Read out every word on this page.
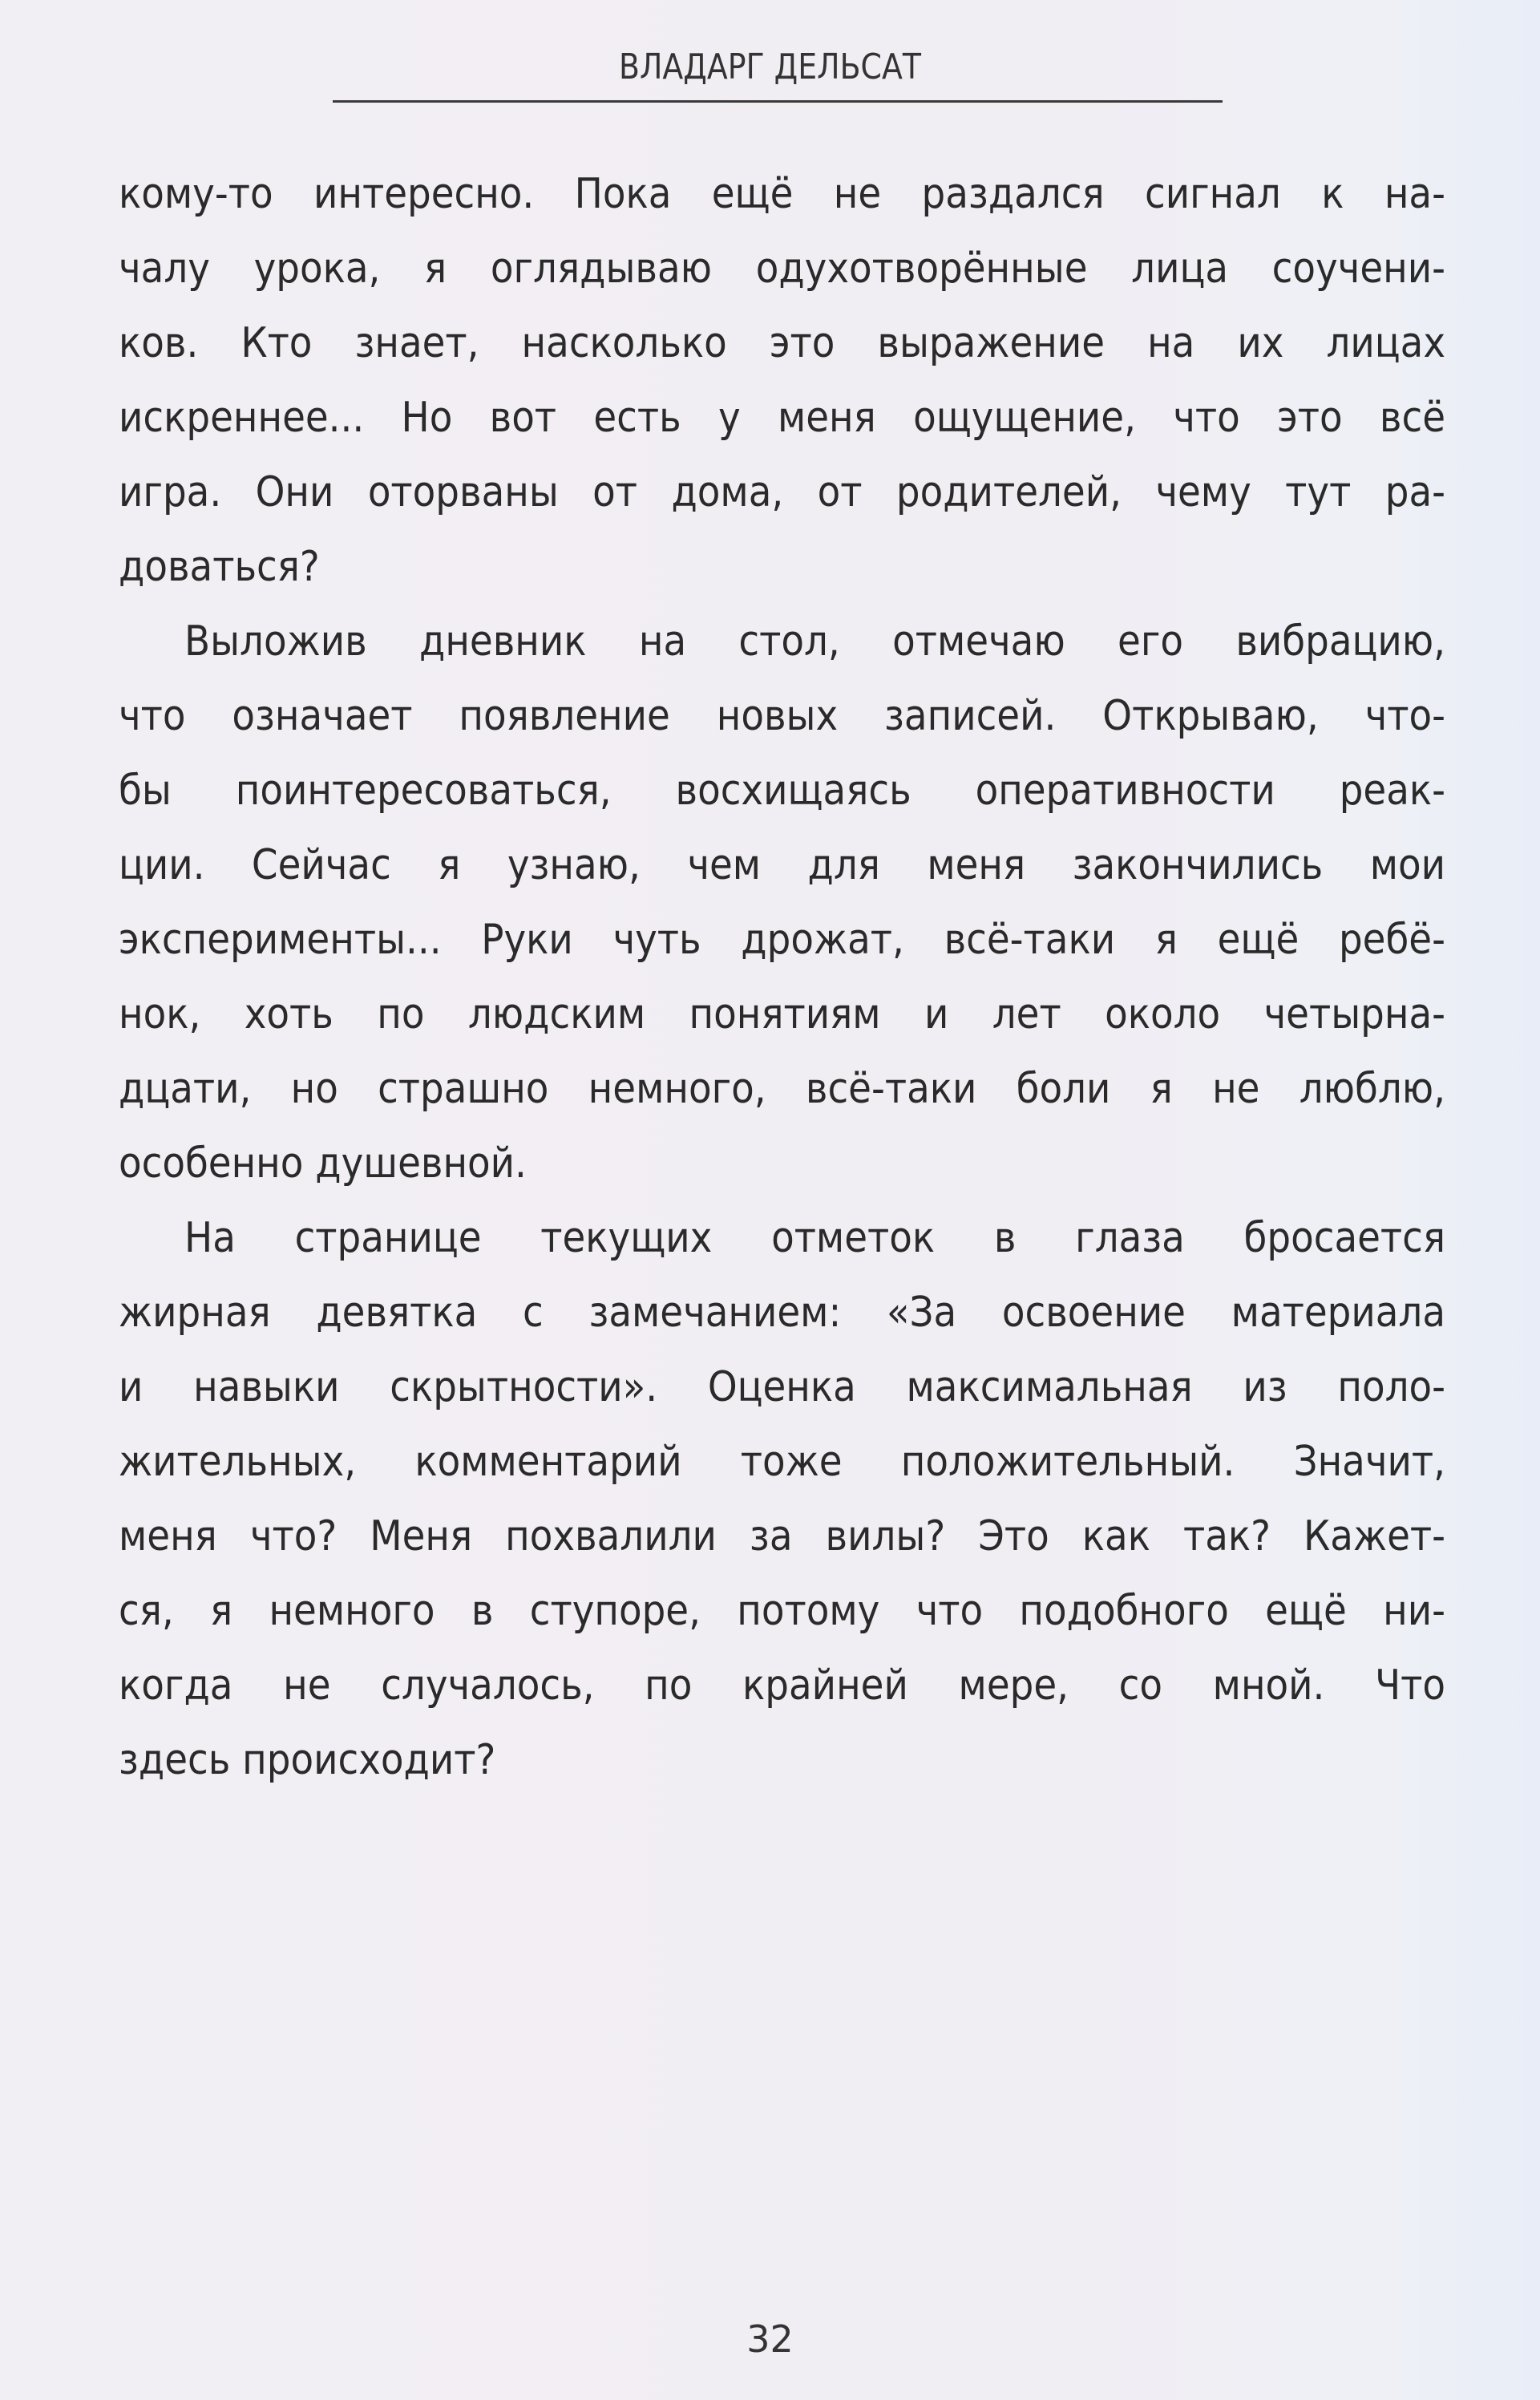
ВЛАДАРГ ДЕЛЬСАТ
кому-то интересно. Пока ещё не раздался сигнал к на-
чалу урока, я оглядываю одухотворённые лица соучени-
ков. Кто знает, насколько это выражение на их лицах
искреннее... Но вот есть у меня ощущение, что это всё
игра. Они оторваны от дома, от родителей, чему тут ра-
доваться?
Выложив дневник на стол, отмечаю его вибрацию,
что означает появление новых записей. Открываю, что-
бы поинтересоваться, восхищаясь оперативности реак-
ции. Сейчас я узнаю, чем для меня закончились мои
эксперименты... Руки чуть дрожат, всё-таки я ещё ребё-
нок, хоть по людским понятиям и лет около четырна-
дцати, но страшно немного, всё-таки боли я не люблю,
особенно душевной.
На странице текущих отметок в глаза бросается
жирная девятка с замечанием: «За освоение материала
и навыки скрытности». Оценка максимальная из поло-
жительных, комментарий тоже положительный. Значит,
меня что? Меня похвалили за вилы? Это как так? Кажет-
ся, я немного в ступоре, потому что подобного ещё ни-
когда не случалось, по крайней мере, со мной. Что
здесь происходит?
32
